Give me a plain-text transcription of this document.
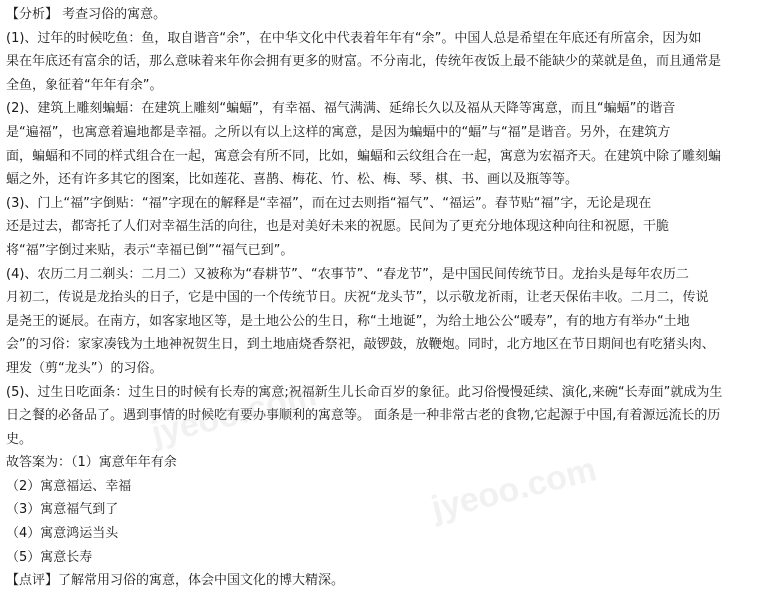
【分析】 考查习俗的寓意。
(1)、过年的时候吃鱼：鱼，取自谐音“余”，在中华文化中代表着年年有“余”。中国人总是希望在年底还有所富余，因为如
果在年底还有富余的话，那么意味着来年你会拥有更多的财富。不分南北，传统年夜饭上最不能缺少的菜就是鱼，而且通常是
全鱼，象征着“年年有余”。
(2)、建筑上雕刻蝙蝠：在建筑上雕刻“蝙蝠”，有幸福、福气满满、延绵长久以及福从天降等寓意，而且“蝙蝠”的谐音
是“遍福”，也寓意着遍地都是幸福。之所以有以上这样的寓意，是因为蝙蝠中的“蝠”与“福”是谐音。另外，在建筑方
面，蝙蝠和不同的样式组合在一起，寓意会有所不同，比如，蝙蝠和云纹组合在一起，寓意为宏福齐天。在建筑中除了雕刻蝙
蝠之外，还有许多其它的图案，比如莲花、喜鹊、梅花、竹、松、梅、琴、棋、书、画以及瓶等等。
(3)、门上“福”字倒贴：“福”字现在的解释是“幸福”，而在过去则指“福气”、“福运”。春节贴“福”字，无论是现在
还是过去，都寄托了人们对幸福生活的向往，也是对美好未来的祝愿。民间为了更充分地体现这种向往和祝愿，干脆
将“福”字倒过来贴，表示“幸福已倒”“福气已到”。
(4)、农历二月二剃头：二月二）又被称为“春耕节”、“农事节”、“春龙节”，是中国民间传统节日。龙抬头是每年农历二
月初二，传说是龙抬头的日子，它是中国的一个传统节日。庆祝“龙头节”，以示敬龙祈雨，让老天保佑丰收。二月二，传说
是尧王的诞辰。在南方，如客家地区等，是土地公公的生日，称“土地诞”，为给土地公公“暖寿”，有的地方有举办“土地
会”的习俗：家家凑钱为土地神祝贺生日，到土地庙烧香祭祀，敲锣鼓，放鞭炮。同时，北方地区在节日期间也有吃猪头肉、
理发（剪“龙头”）的习俗。
(5)、过生日吃面条：过生日的时候有长寿的寓意;祝福新生儿长命百岁的象征。此习俗慢慢延续、演化,来碗“长寿面”就成为生
日之餐的必备品了。遇到事情的时候吃有要办事顺利的寓意等。 面条是一种非常古老的食物,它起源于中国,有着源远流长的历
史。
故答案为：（1）寓意年年有余
（2）寓意福运、幸福
（3）寓意福气到了
（4）寓意鸿运当头
（5）寓意长寿
【点评】了解常用习俗的寓意，体会中国文化的博大精深。
jyeoo.com
jyeoo.com
